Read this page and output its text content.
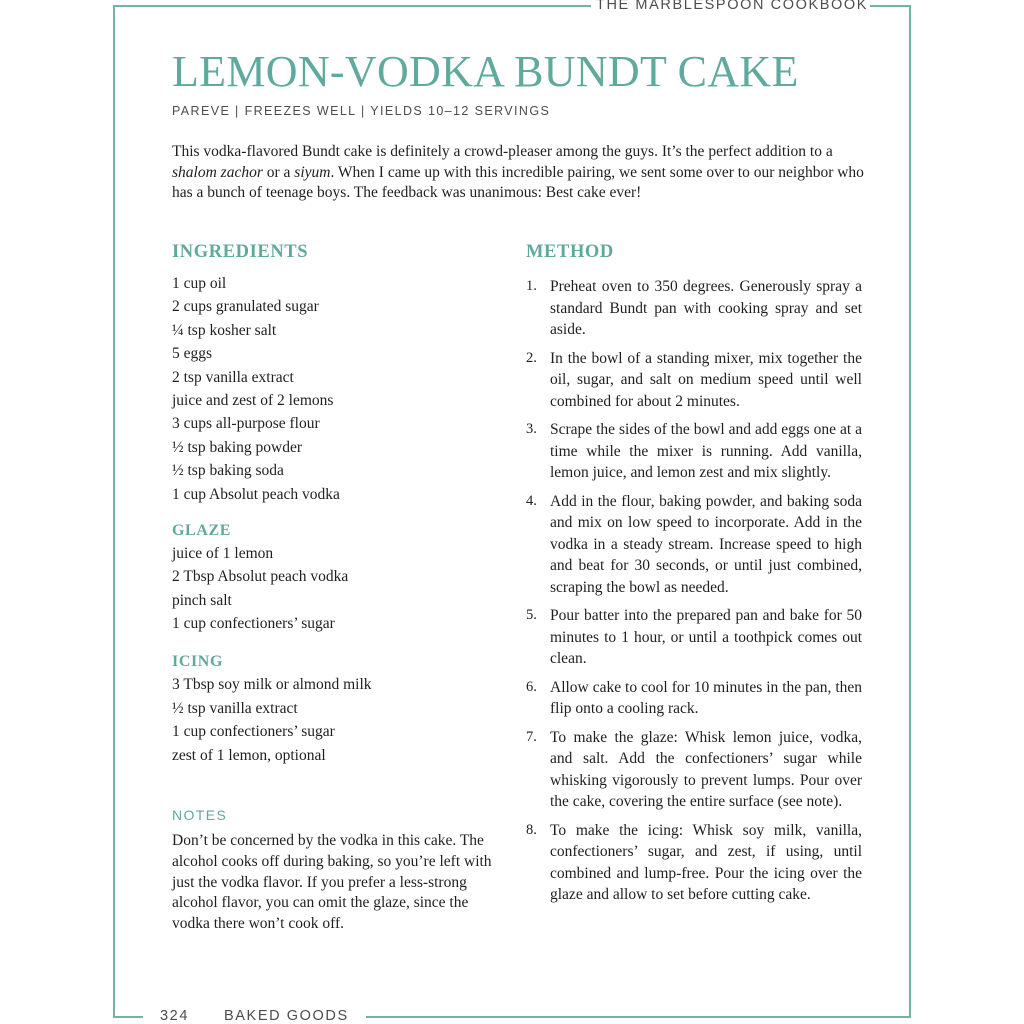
THE MARBLESPOON COOKBOOK
LEMON-VODKA BUNDT CAKE
PAREVE | FREEZES WELL | YIELDS 10–12 SERVINGS

This vodka-flavored Bundt cake is definitely a crowd-pleaser among the guys. It’s the perfect addition to a shalom zachor or a siyum. When I came up with this incredible pairing, we sent some over to our neighbor who has a bunch of teenage boys. The feedback was unanimous: Best cake ever!

INGREDIENTS
1 cup oil
2 cups granulated sugar
¼ tsp kosher salt
5 eggs
2 tsp vanilla extract
juice and zest of 2 lemons
3 cups all-purpose flour
½ tsp baking powder
½ tsp baking soda
1 cup Absolut peach vodka
GLAZE
juice of 1 lemon
2 Tbsp Absolut peach vodka
pinch salt
1 cup confectioners’ sugar
ICING
3 Tbsp soy milk or almond milk
½ tsp vanilla extract
1 cup confectioners’ sugar
zest of 1 lemon, optional
NOTES

Don’t be concerned by the vodka in this cake. The alcohol cooks off during baking, so you’re left with just the vodka flavor. If you prefer a less-strong alcohol flavor, you can omit the glaze, since the vodka there won’t cook off.

METHOD
1. Preheat oven to 350 degrees. Generously spray a standard Bundt pan with cooking spray and set aside.
2. In the bowl of a standing mixer, mix together the oil, sugar, and salt on medium speed until well combined for about 2 minutes.
3. Scrape the sides of the bowl and add eggs one at a time while the mixer is running. Add vanilla, lemon juice, and lemon zest and mix slightly.
4. Add in the flour, baking powder, and baking soda and mix on low speed to incorporate. Add in the vodka in a steady stream. Increase speed to high and beat for 30 seconds, or until just combined, scraping the bowl as needed.
5. Pour batter into the prepared pan and bake for 50 minutes to 1 hour, or until a toothpick comes out clean.
6. Allow cake to cool for 10 minutes in the pan, then flip onto a cooling rack.
7. To make the glaze: Whisk lemon juice, vodka, and salt. Add the confectioners’ sugar while whisking vigorously to prevent lumps. Pour over the cake, covering the entire surface (see note).
8. To make the icing: Whisk soy milk, vanilla, confectioners’ sugar, and zest, if using, until combined and lump-free. Pour the icing over the glaze and allow to set before cutting cake.
324 BAKED GOODS
